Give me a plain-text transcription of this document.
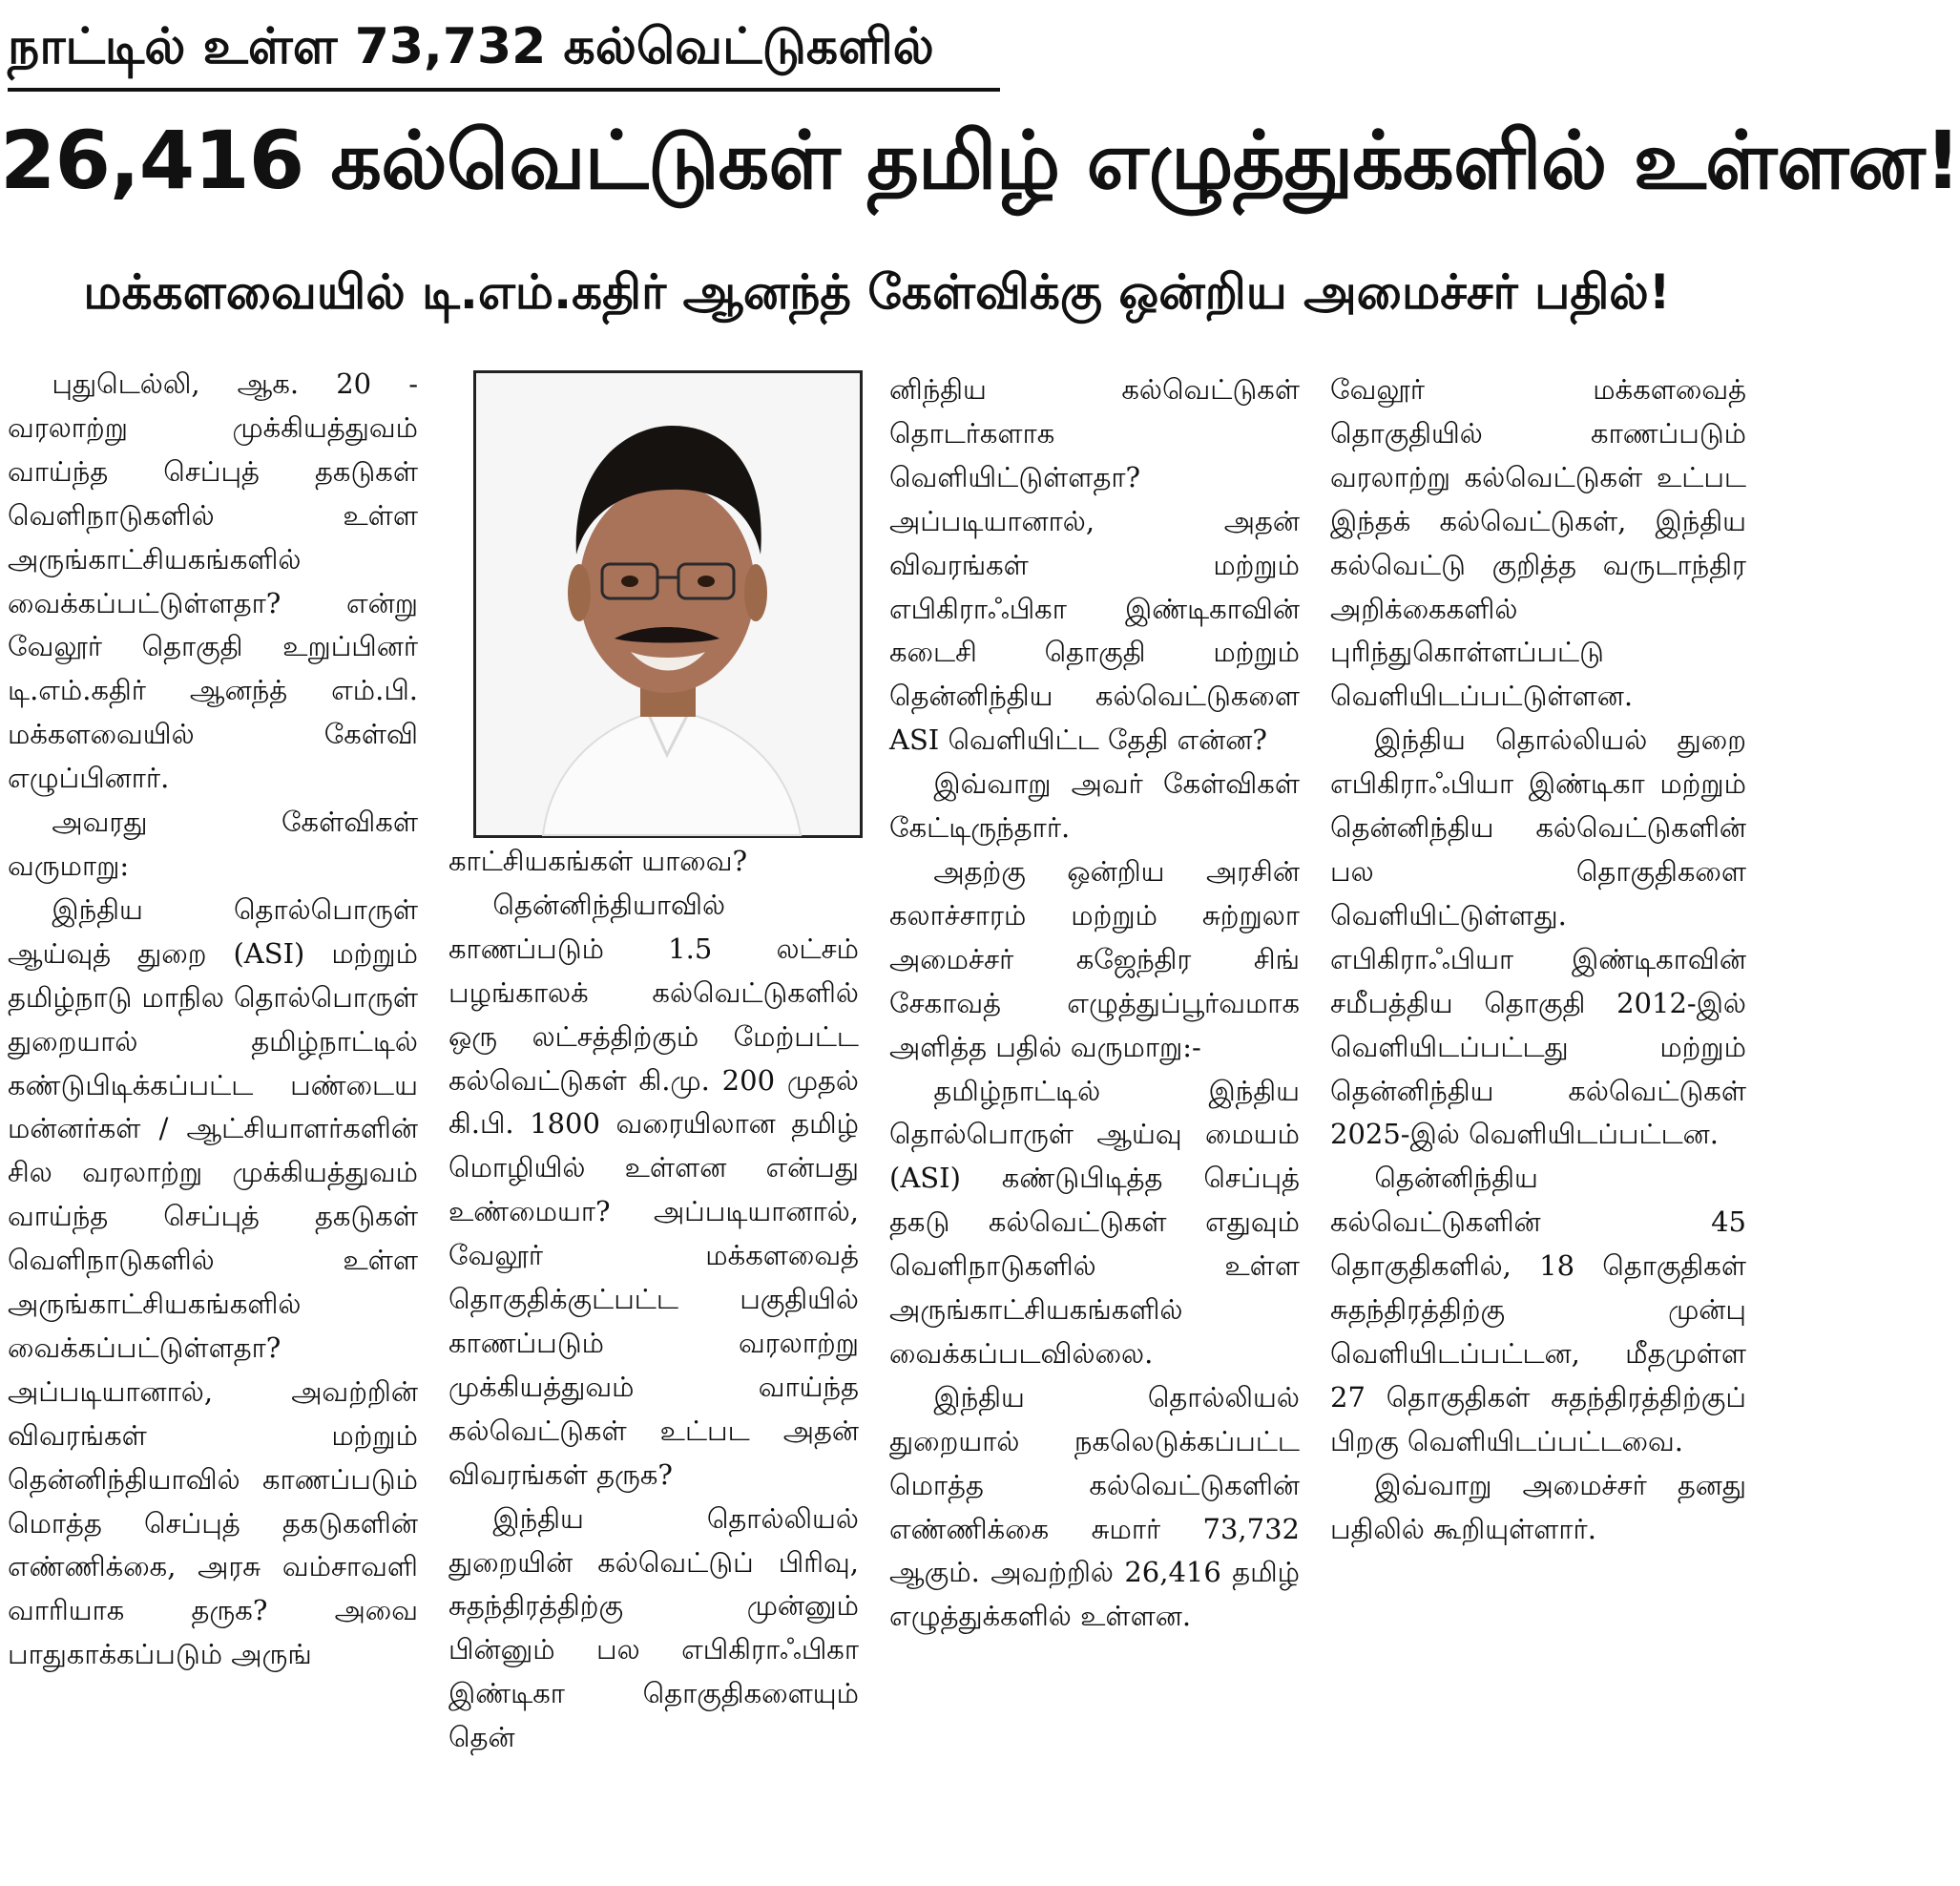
நாட்டில் உள்ள 73,732 கல்வெட்டுகளில்
26,416 கல்வெட்டுகள் தமிழ் எழுத்துக்களில் உள்ளன!
மக்களவையில் டி.எம்.கதிர் ஆனந்த் கேள்விக்கு ஒன்றிய அமைச்சர் பதில்!

புதுடெல்லி, ஆக. 20 - வரலாற்று முக்கியத்துவம் வாய்ந்த செப்புத் தகடுகள் வெளிநாடுகளில் உள்ள அருங்காட்சியகங்களில் வைக்கப்பட்டுள்ளதா? என்று வேலூர் தொகுதி உறுப்பினர் டி.எம்.கதிர் ஆனந்த் எம்.பி. மக்களவையில் கேள்வி எழுப்பினார்.

அவரது கேள்விகள் வருமாறு:

இந்திய தொல்பொருள் ஆய்வுத் துறை (ASI) மற்றும் தமிழ்நாடு மாநில தொல்பொருள் துறையால் தமிழ்நாட்டில் கண்டுபிடிக்கப்பட்ட பண்டைய மன்னர்கள் / ஆட்சியாளர்களின் சில வரலாற்று முக்கியத்துவம் வாய்ந்த செப்புத் தகடுகள் வெளிநாடுகளில் உள்ள அருங்காட்சியகங்களில் வைக்கப்பட்டுள்ளதா? அப்படியானால், அவற்றின் விவரங்கள் மற்றும் தென்னிந்தியாவில் காணப்படும் மொத்த செப்புத் தகடுகளின் எண்ணிக்கை, அரசு வம்சாவளி வாரியாக தருக? அவை பாதுகாக்கப்படும் அருங்

காட்சியகங்கள் யாவை?

தென்னிந்தியாவில் காணப்படும் 1.5 லட்சம் பழங்காலக் கல்வெட்டுகளில் ஒரு லட்சத்திற்கும் மேற்பட்ட கல்வெட்டுகள் கி.மு. 200 முதல் கி.பி. 1800 வரையிலான தமிழ் மொழியில் உள்ளன என்பது உண்மையா? அப்படியானால், வேலூர் மக்களவைத் தொகுதிக்குட்பட்ட பகுதியில் காணப்படும் வரலாற்று முக்கியத்துவம் வாய்ந்த கல்வெட்டுகள் உட்பட அதன் விவரங்கள் தருக?

இந்திய தொல்லியல் துறையின் கல்வெட்டுப் பிரிவு, சுதந்திரத்திற்கு முன்னும் பின்னும் பல எபிகிராஃபிகா இண்டிகா தொகுதிகளையும் தென்

னிந்திய கல்வெட்டுகள் தொடர்களாக வெளியிட்டுள்ளதா? அப்படியானால், அதன் விவரங்கள் மற்றும் எபிகிராஃபிகா இண்டிகாவின் கடைசி தொகுதி மற்றும் தென்னிந்திய கல்வெட்டுகளை ASI வெளியிட்ட தேதி என்ன?

இவ்வாறு அவர் கேள்விகள் கேட்டிருந்தார்.

அதற்கு ஒன்றிய அரசின் கலாச்சாரம் மற்றும் சுற்றுலா அமைச்சர் கஜேந்திர சிங் சேகாவத் எழுத்துப்பூர்வமாக அளித்த பதில் வருமாறு:-

தமிழ்நாட்டில் இந்திய தொல்பொருள் ஆய்வு மையம் (ASI) கண்டுபிடித்த செப்புத் தகடு கல்வெட்டுகள் எதுவும் வெளிநாடுகளில் உள்ள அருங்காட்சியகங்களில் வைக்கப்படவில்லை.

இந்திய தொல்லியல் துறையால் நகலெடுக்கப்பட்ட மொத்த கல்வெட்டுகளின் எண்ணிக்கை சுமார் 73,732 ஆகும். அவற்றில் 26,416 தமிழ் எழுத்துக்களில் உள்ளன.

வேலூர் மக்களவைத் தொகுதியில் காணப்படும் வரலாற்று கல்வெட்டுகள் உட்பட இந்தக் கல்வெட்டுகள், இந்திய கல்வெட்டு குறித்த வருடாந்திர அறிக்கைகளில் புரிந்துகொள்ளப்பட்டு வெளியிடப்பட்டுள்ளன.

இந்திய தொல்லியல் துறை எபிகிராஃபியா இண்டிகா மற்றும் தென்னிந்திய கல்வெட்டுகளின் பல தொகுதிகளை வெளியிட்டுள்ளது. எபிகிராஃபியா இண்டிகாவின் சமீபத்திய தொகுதி 2012-இல் வெளியிடப்பட்டது மற்றும் தென்னிந்திய கல்வெட்டுகள் 2025-இல் வெளியிடப்பட்டன.

தென்னிந்திய கல்வெட்டுகளின் 45 தொகுதிகளில், 18 தொகுதிகள் சுதந்திரத்திற்கு முன்பு வெளியிடப்பட்டன, மீதமுள்ள 27 தொகுதிகள் சுதந்திரத்திற்குப் பிறகு வெளியிடப்பட்டவை.

இவ்வாறு அமைச்சர் தனது பதிலில் கூறியுள்ளார்.
